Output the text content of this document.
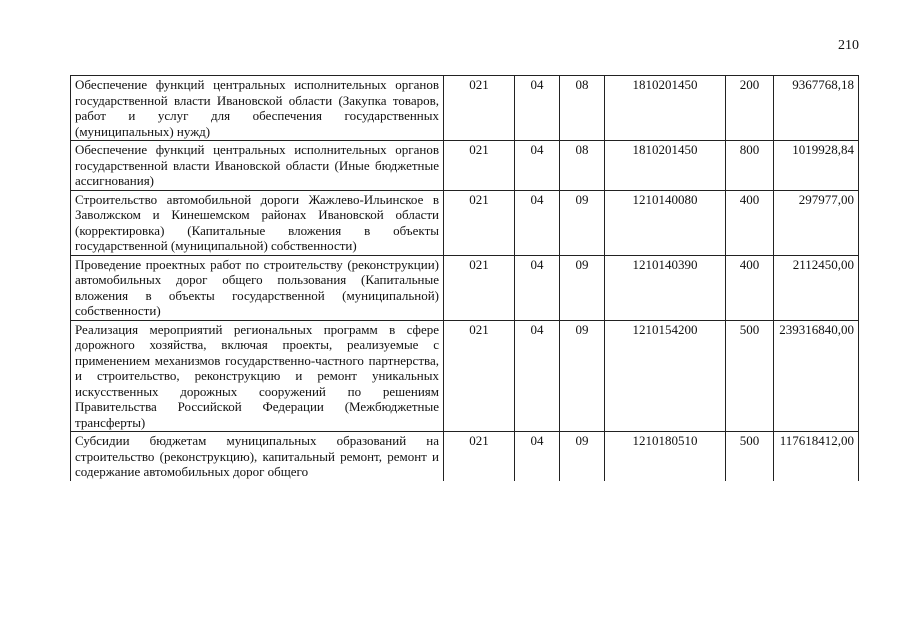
210
Обеспечение функций центральных исполнительных органов государственной власти Ивановской области (Закупка товаров, работ и услуг для обеспечения государственных (муниципальных) нужд)	021	04	08	1810201450	200	9367768,18
Обеспечение функций центральных исполнительных органов государственной власти Ивановской области (Иные бюджетные ассигнования)	021	04	08	1810201450	800	1019928,84
Строительство автомобильной дороги Жажлево-Ильинское в Заволжском и Кинешемском районах Ивановской области (корректировка) (Капитальные вложения в объекты государственной (муниципальной) собственности)	021	04	09	1210140080	400	297977,00
Проведение проектных работ по строительству (реконструкции) автомобильных дорог общего пользования (Капитальные вложения в объекты государственной (муниципальной) собственности)	021	04	09	1210140390	400	2112450,00
Реализация мероприятий региональных программ в сфере дорожного хозяйства, включая проекты, реализуемые с применением механизмов государственно-частного партнерства, и строительство, реконструкцию и ремонт уникальных искусственных дорожных сооружений по решениям Правительства Российской Федерации (Межбюджетные трансферты)	021	04	09	1210154200	500	239316840,00
Субсидии бюджетам муниципальных образований на строительство (реконструкцию), капитальный ремонт, ремонт и содержание автомобильных дорог общего	021	04	09	1210180510	500	117618412,00
